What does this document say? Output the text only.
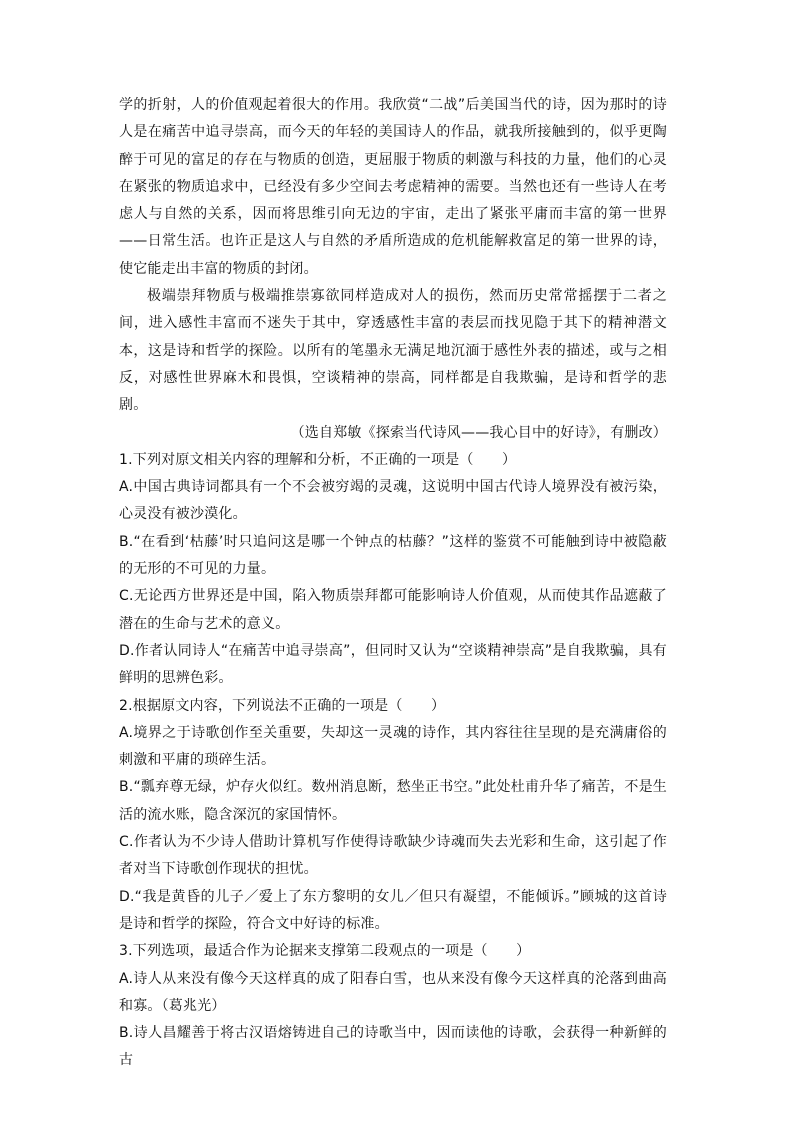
学的折射，人的价值观起着很大的作用。我欣赏“二战”后美国当代的诗，因为那时的诗人是在痛苦中追寻崇高，而今天的年轻的美国诗人的作品，就我所接触到的，似乎更陶醉于可见的富足的存在与物质的创造，更屈服于物质的刺激与科技的力量，他们的心灵在紧张的物质追求中，已经没有多少空间去考虑精神的需要。当然也还有一些诗人在考虑人与自然的关系，因而将思维引向无边的宇宙，走出了紧张平庸而丰富的第一世界——日常生活。也许正是这人与自然的矛盾所造成的危机能解救富足的第一世界的诗，使它能走出丰富的物质的封闭。

极端崇拜物质与极端推崇寡欲同样造成对人的损伤，然而历史常常摇摆于二者之间，进入感性丰富而不迷失于其中，穿透感性丰富的表层而找见隐于其下的精神潜文本，这是诗和哲学的探险。以所有的笔墨永无满足地沉湎于感性外表的描述，或与之相反，对感性世界麻木和畏惧，空谈精神的崇高，同样都是自我欺骗，是诗和哲学的悲剧。

（选自郑敏《探索当代诗风——我心目中的好诗》，有删改）

1.下列对原文相关内容的理解和分析，不正确的一项是（　　）

A.中国古典诗词都具有一个不会被穷竭的灵魂，这说明中国古代诗人境界没有被污染，心灵没有被沙漠化。

B.“在看到‘枯藤’时只追问这是哪一个钟点的枯藤？”这样的鉴赏不可能触到诗中被隐蔽的无形的不可见的力量。

C.无论西方世界还是中国，陷入物质崇拜都可能影响诗人价值观，从而使其作品遮蔽了潜在的生命与艺术的意义。

D.作者认同诗人“在痛苦中追寻崇高”，但同时又认为“空谈精神崇高”是自我欺骗，具有鲜明的思辨色彩。

2.根据原文内容，下列说法不正确的一项是（　　）

A.境界之于诗歌创作至关重要，失却这一灵魂的诗作，其内容往往呈现的是充满庸俗的刺激和平庸的琐碎生活。

B.“瓢弃尊无绿，炉存火似红。数州消息断，愁坐正书空。”此处杜甫升华了痛苦，不是生活的流水账，隐含深沉的家国情怀。

C.作者认为不少诗人借助计算机写作使得诗歌缺少诗魂而失去光彩和生命，这引起了作者对当下诗歌创作现状的担忧。

D.“我是黄昏的儿子／爱上了东方黎明的女儿／但只有凝望，不能倾诉。”顾城的这首诗是诗和哲学的探险，符合文中好诗的标准。

3.下列选项，最适合作为论据来支撑第二段观点的一项是（　　）

A.诗人从来没有像今天这样真的成了阳春白雪，也从来没有像今天这样真的沦落到曲高和寡。（葛兆光）

B.诗人昌耀善于将古汉语熔铸进自己的诗歌当中，因而读他的诗歌，会获得一种新鲜的古
